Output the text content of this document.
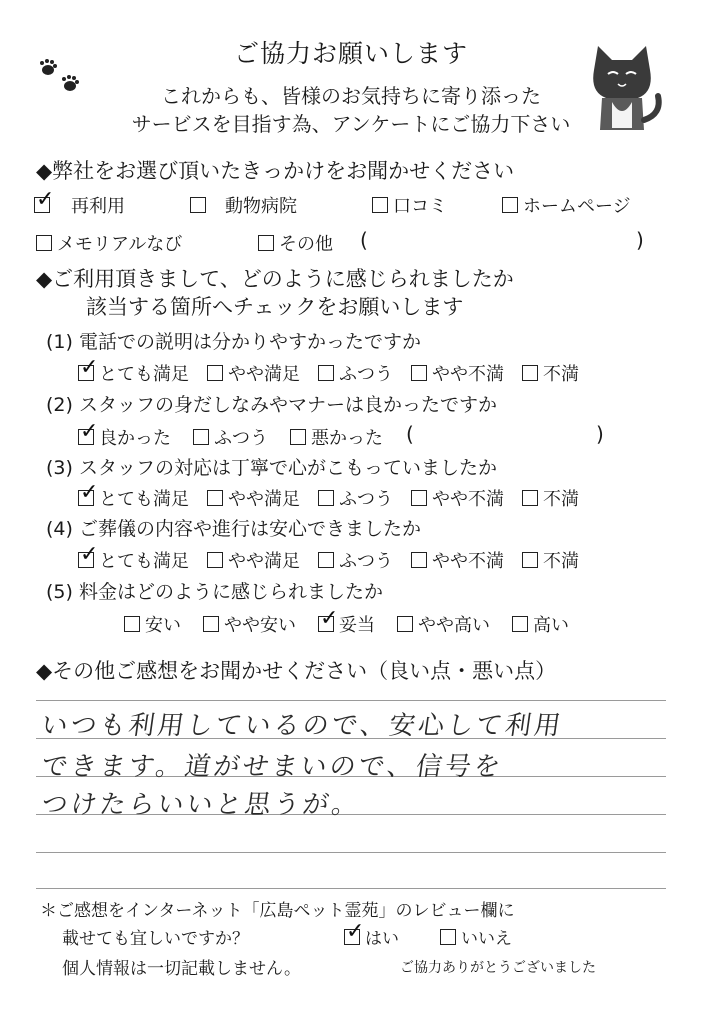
ご協力お願いします
これからも、皆様のお気持ちに寄り添った
サービスを目指す為、アンケートにご協力下さい
◆弊社をお選び頂いたきっかけをお聞かせください
✓ 再利用	動物病院	口コミ	ホームページ
メモリアルなび	その他 (	)
◆ご利用頂きまして、どのように感じられましたか
該当する箇所へチェックをお願いします
(1) 電話での説明は分かりやすかったですか
✓ とても満足 やや満足 ふつう やや不満 不満
(2) スタッフの身だしなみやマナーは良かったですか
✓ 良かった ふつう 悪かった (	)
(3) スタッフの対応は丁寧で心がこもっていましたか
✓ とても満足 やや満足 ふつう やや不満 不満
(4) ご葬儀の内容や進行は安心できましたか
✓ とても満足 やや満足 ふつう やや不満 不満
(5) 料金はどのように感じられましたか
安い やや安い ✓ 妥当 やや高い 高い
◆その他ご感想をお聞かせください（良い点・悪い点）
いつも利用しているので、安心して利用
できます。道がせまいので、信号を
つけたらいいと思うが。
＊ご感想をインターネット「広島ペット霊苑」のレビュー欄に
載せても宜しいですか？	✓ はい	いいえ
個人情報は一切記載しません。	ご協力ありがとうございました
